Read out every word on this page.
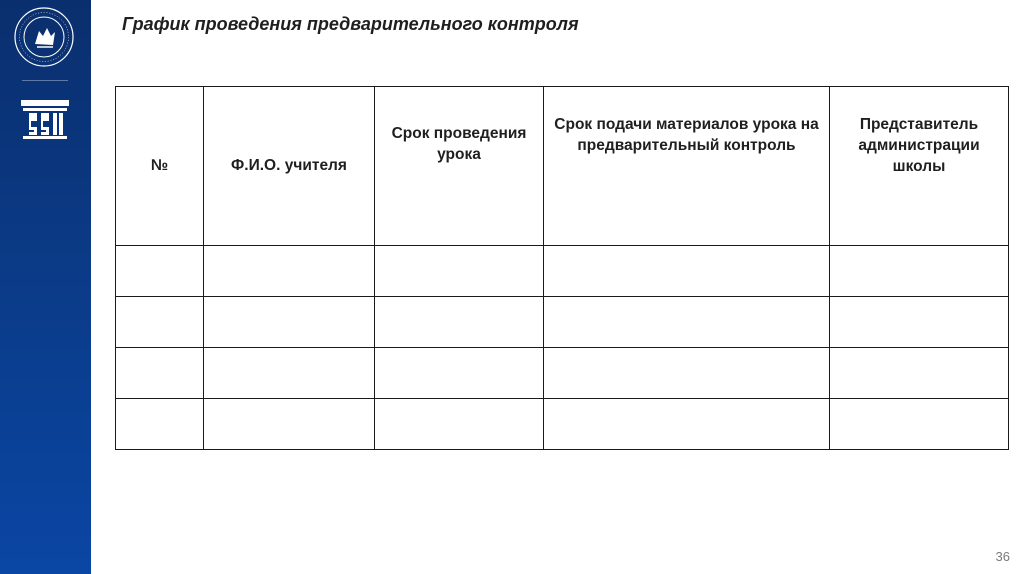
График проведения предварительного контроля
№	Ф.И.О. учителя	Срок проведения урока	Срок подачи материалов урока на предварительный контроль	Представитель администрации школы

36
